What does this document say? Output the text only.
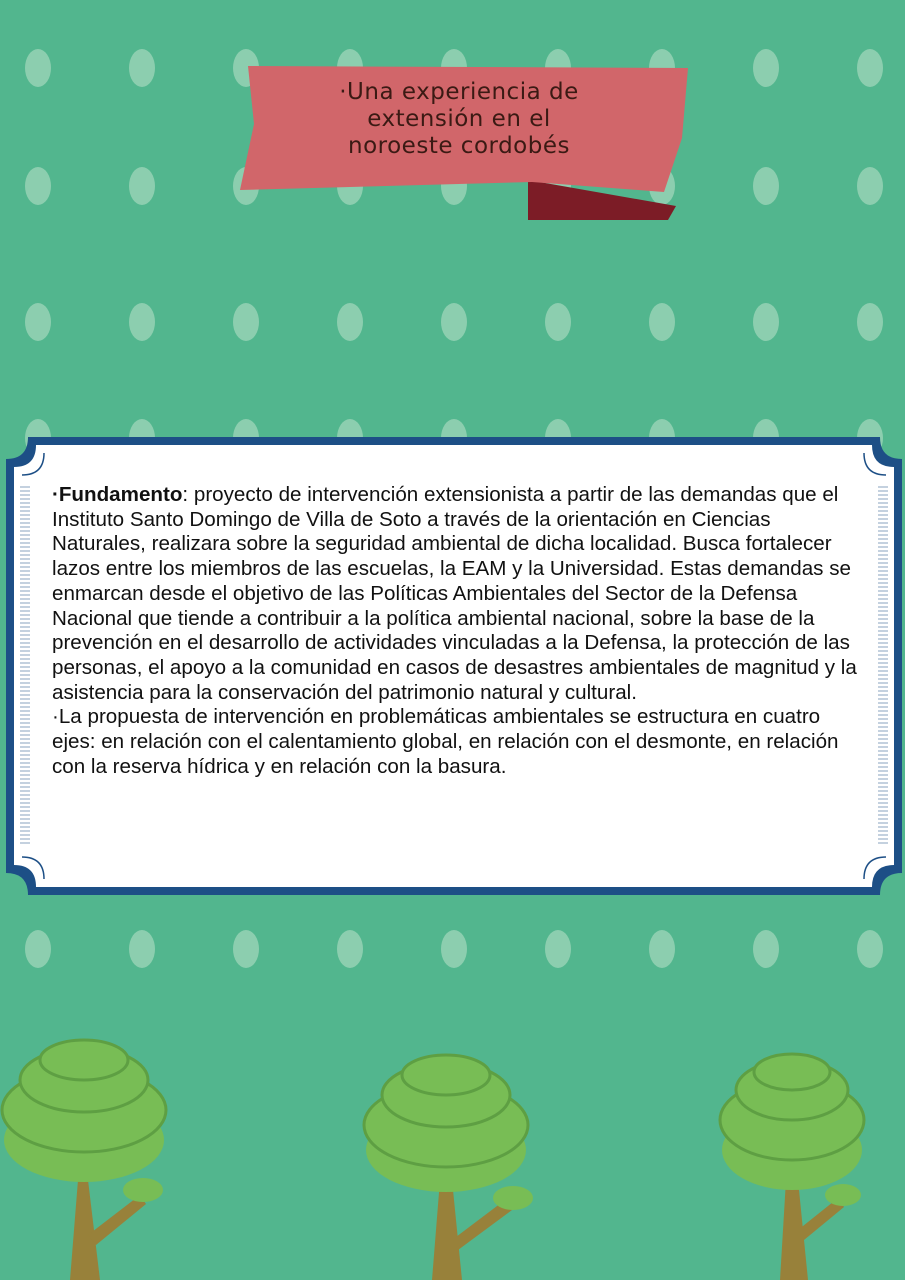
·Una experiencia de
extensión en el
noroeste cordobés

·Fundamento: proyecto de intervención extensionista a partir de las demandas que el Instituto Santo Domingo de Villa de Soto a través de la orientación en Ciencias Naturales, realizara sobre la seguridad ambiental de dicha localidad. Busca fortalecer lazos entre los miembros de las escuelas, la EAM y la Universidad. Estas demandas se enmarcan desde el objetivo de las Políticas Ambientales del Sector de la Defensa Nacional que tiende a contribuir a la política ambiental nacional, sobre la base de la prevención en el desarrollo de actividades vinculadas a la Defensa, la protección de las personas, el apoyo a la comunidad en casos de desastres ambientales de magnitud y la asistencia para la conservación del patrimonio natural y cultural.

·La propuesta de intervención en problemáticas ambientales se estructura en cuatro ejes: en relación con el calentamiento global, en relación con el desmonte, en relación con la reserva hídrica y en relación con la basura.
